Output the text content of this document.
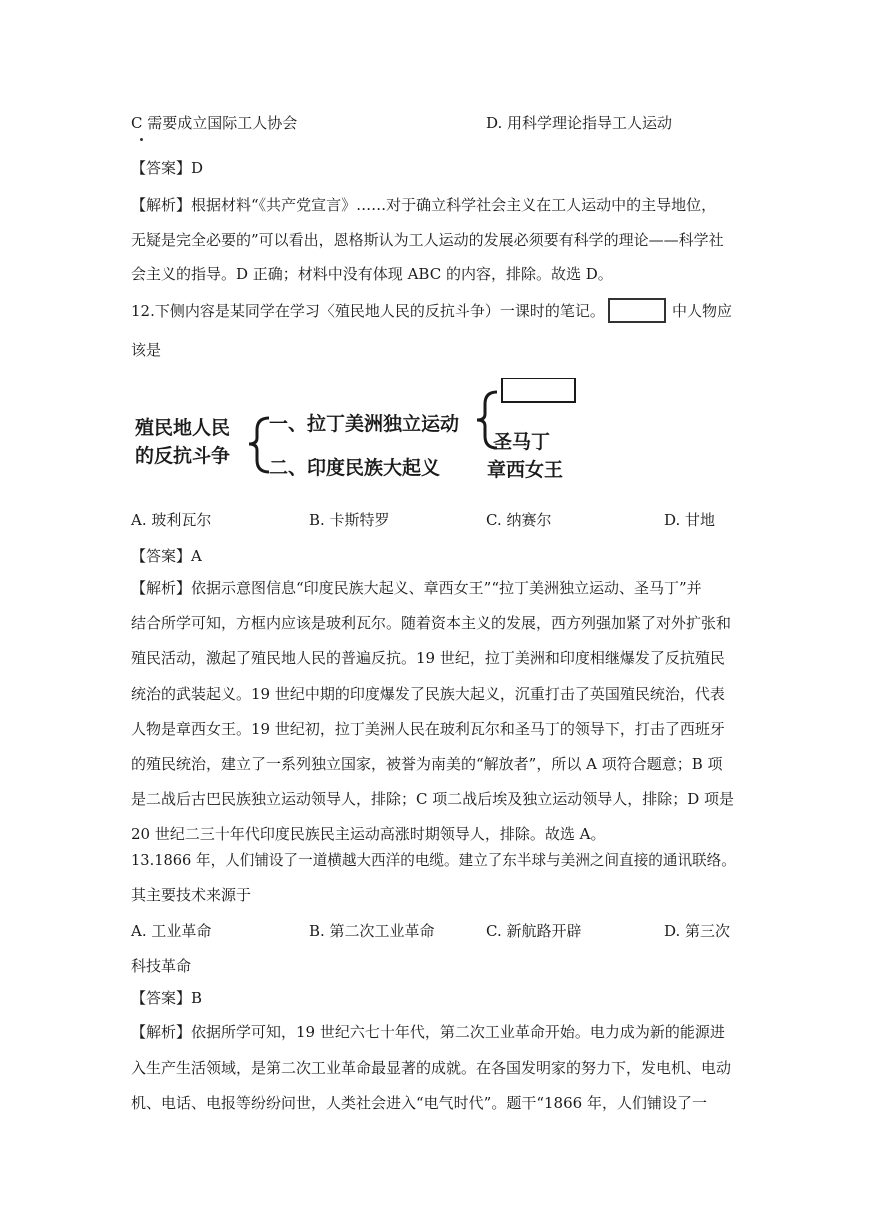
C 需要成立国际工人协会	D. 用科学理论指导工人运动
【答案】D
【解析】根据材料“《共产党宣言》……对于确立科学社会主义在工人运动中的主导地位，
无疑是完全必要的”可以看出，恩格斯认为工人运动的发展必须要有科学的理论——科学社
会主义的指导。D 正确；材料中没有体现 ABC 的内容，排除。故选 D。
12.下侧内容是某同学在学习〈殖民地人民的反抗斗争）一课时的笔记。	中人物应
该是
殖民地人民
的反抗斗争
一、拉丁美洲独立运动
二、印度民族大起义
圣马丁
章西女王
A. 玻利瓦尔	B. 卡斯特罗	C. 纳赛尔	D. 甘地
【答案】A
【解析】依据示意图信息“印度民族大起义、章西女王”“拉丁美洲独立运动、圣马丁”并
结合所学可知，方框内应该是玻利瓦尔。随着资本主义的发展，西方列强加紧了对外扩张和
殖民活动，激起了殖民地人民的普遍反抗。19 世纪，拉丁美洲和印度相继爆发了反抗殖民
统治的武装起义。19 世纪中期的印度爆发了民族大起义，沉重打击了英国殖民统治，代表
人物是章西女王。19 世纪初，拉丁美洲人民在玻利瓦尔和圣马丁的领导下，打击了西班牙
的殖民统治，建立了一系列独立国家，被誉为南美的“解放者”，所以 A 项符合题意；B 项
是二战后古巴民族独立运动领导人，排除；C 项二战后埃及独立运动领导人，排除；D 项是
20 世纪二三十年代印度民族民主运动高涨时期领导人，排除。故选 A。
13.1866 年，人们铺设了一道横越大西洋的电缆。建立了东半球与美洲之间直接的通讯联络。
其主要技术来源于
A. 工业革命	B. 第二次工业革命	C. 新航路开辟	D. 第三次
科技革命
【答案】B
【解析】依据所学可知，19 世纪六七十年代，第二次工业革命开始。电力成为新的能源进
入生产生活领域，是第二次工业革命最显著的成就。在各国发明家的努力下，发电机、电动
机、电话、电报等纷纷问世，人类社会进入“电气时代”。题干“1866 年，人们铺设了一
